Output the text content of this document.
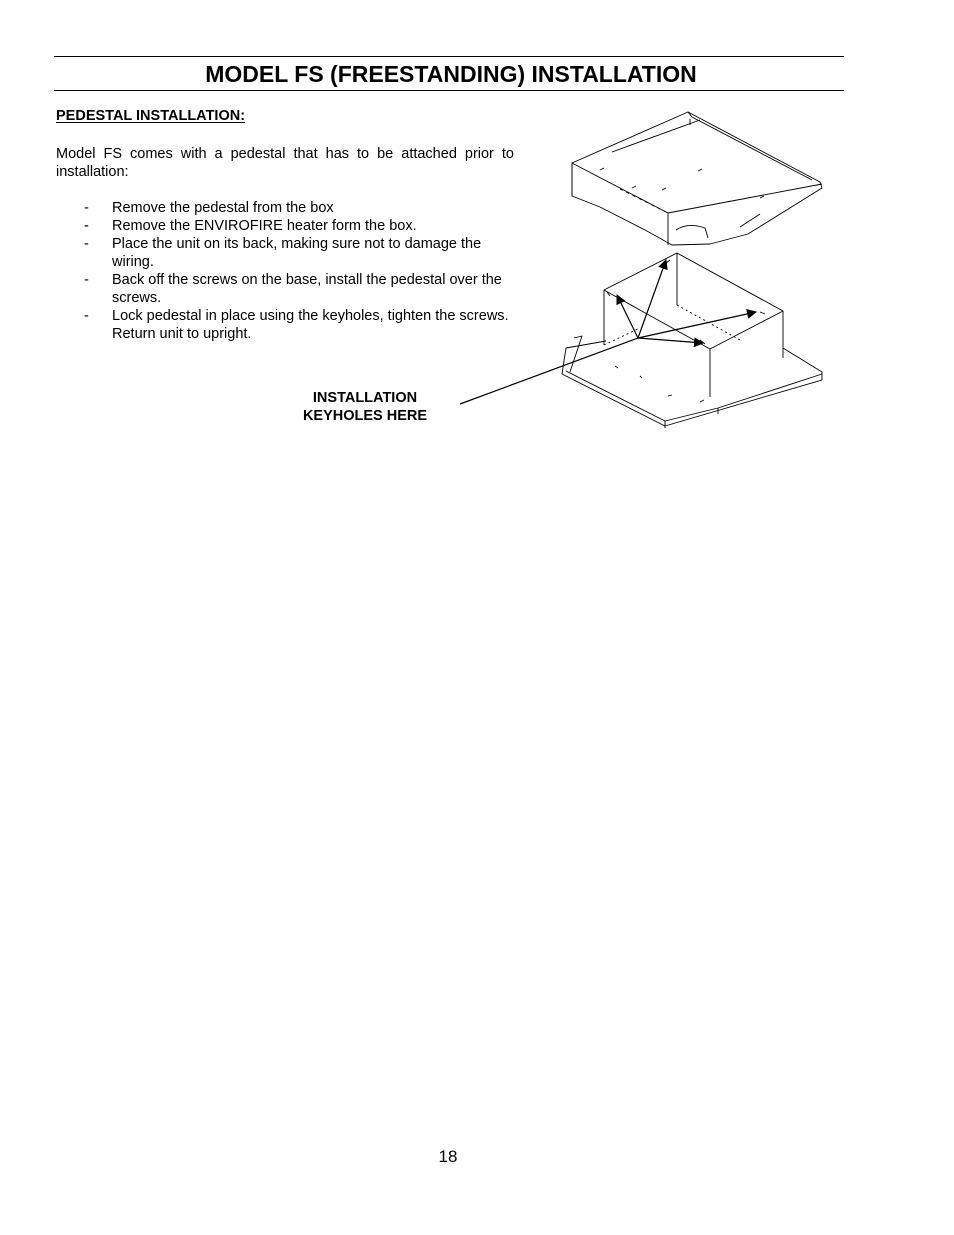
MODEL FS (FREESTANDING) INSTALLATION
PEDESTAL INSTALLATION:

Model FS comes with a pedestal that has to be attached prior to installation:

-	Remove the pedestal from the box
-	Remove the ENVIROFIRE heater form the box.
-	Place the unit on its back, making sure not to damage the wiring.
-	Back off the screws on the base, install the pedestal over the screws.
-	Lock pedestal in place using the keyholes, tighten the screws. Return unit to upright.
INSTALLATION
KEYHOLES HERE
18
